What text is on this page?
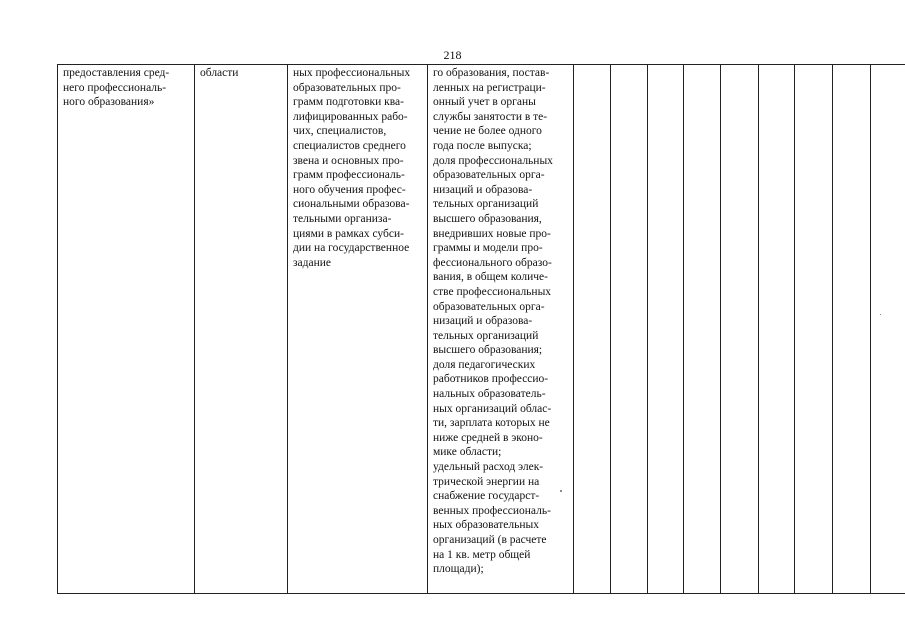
218
предоставления сред-
него профессиональ-
ного образования»

области	ных профессиональных
образовательных про-
грамм подготовки ква-
лифицированных рабо-
чих, специалистов,
специалистов среднего
звена и основных про-
грамм профессиональ-
ного обучения профес-
сиональными образова-
тельными организа-
циями в рамках субси-
дии на государственное
задание

го образования, постав-
ленных на регистраци-
онный учет в органы
службы занятости в те-
чение не более одного
года после выпуска;
доля профессиональных
образовательных орга-
низаций и образова-
тельных организаций
высшего образования,
внедривших новые про-
граммы и модели про-
фессионального образо-
вания, в общем количе-
стве профессиональных
образовательных орга-
низаций и образова-
тельных организаций
высшего образования;
доля педагогических
работников профессио-
нальных образователь-
ных организаций облас-
ти, зарплата которых не
ниже средней в эконо-
мике области;
удельный расход элек-
трической энергии на
снабжение государст-
венных профессиональ-
ных образовательных
организаций (в расчете
на 1 кв. метр общей
площади);
